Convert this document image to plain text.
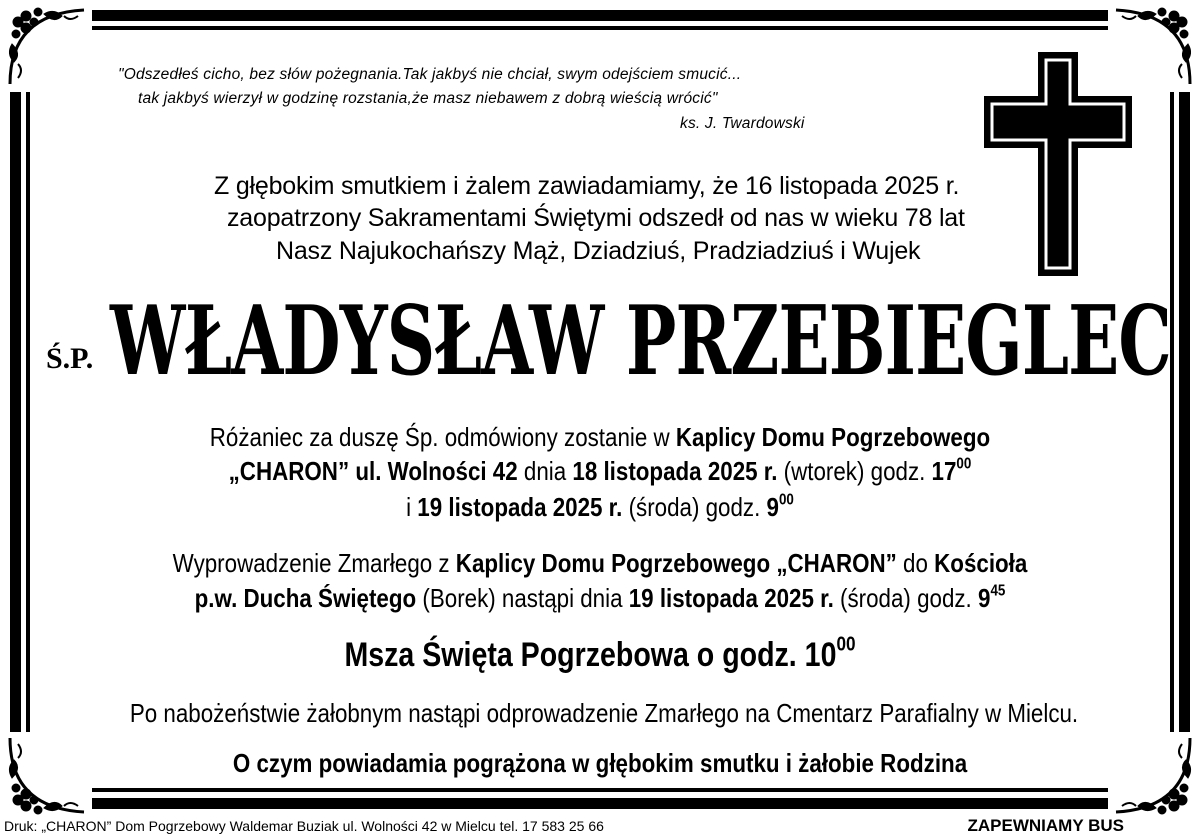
"Odszedłeś cicho, bez słów pożegnania.Tak jakbyś nie chciał, swym odejściem smucić...
tak jakbyś wierzył w godzinę rozstania,że masz niebawem z dobrą wieścią wrócić"
ks. J. Twardowski
Z głębokim smutkiem i żalem zawiadamiamy, że 16 listopada 2025 r.
zaopatrzony Sakramentami Świętymi odszedł od nas w wieku 78 lat
Nasz Najukochańszy Mąż, Dziadziuś, Pradziadziuś i Wujek
Ś.P. WŁADYSŁAW PRZEBIEGLEC
Różaniec za duszę Śp. odmówiony zostanie w Kaplicy Domu Pogrzebowego
„CHARON” ul. Wolności 42 dnia 18 listopada 2025 r. (wtorek) godz. $17^{00}$
i 19 listopada 2025 r. (środa) godz. $9^{00}$
Wyprowadzenie Zmarłego z Kaplicy Domu Pogrzebowego „CHARON” do Kościoła
p.w. Ducha Świętego (Borek) nastąpi dnia 19 listopada 2025 r. (środa) godz. $9^{45}$
Msza Święta Pogrzebowa o godz. $10^{00}$
Po nabożeństwie żałobnym nastąpi odprowadzenie Zmarłego na Cmentarz Parafialny w Mielcu.
O czym powiadamia pogrążona w głębokim smutku i żałobie Rodzina
Druk: „CHARON” Dom Pogrzebowy Waldemar Buziak ul. Wolności 42 w Mielcu tel. 17 583 25 66	ZAPEWNIAMY BUS
